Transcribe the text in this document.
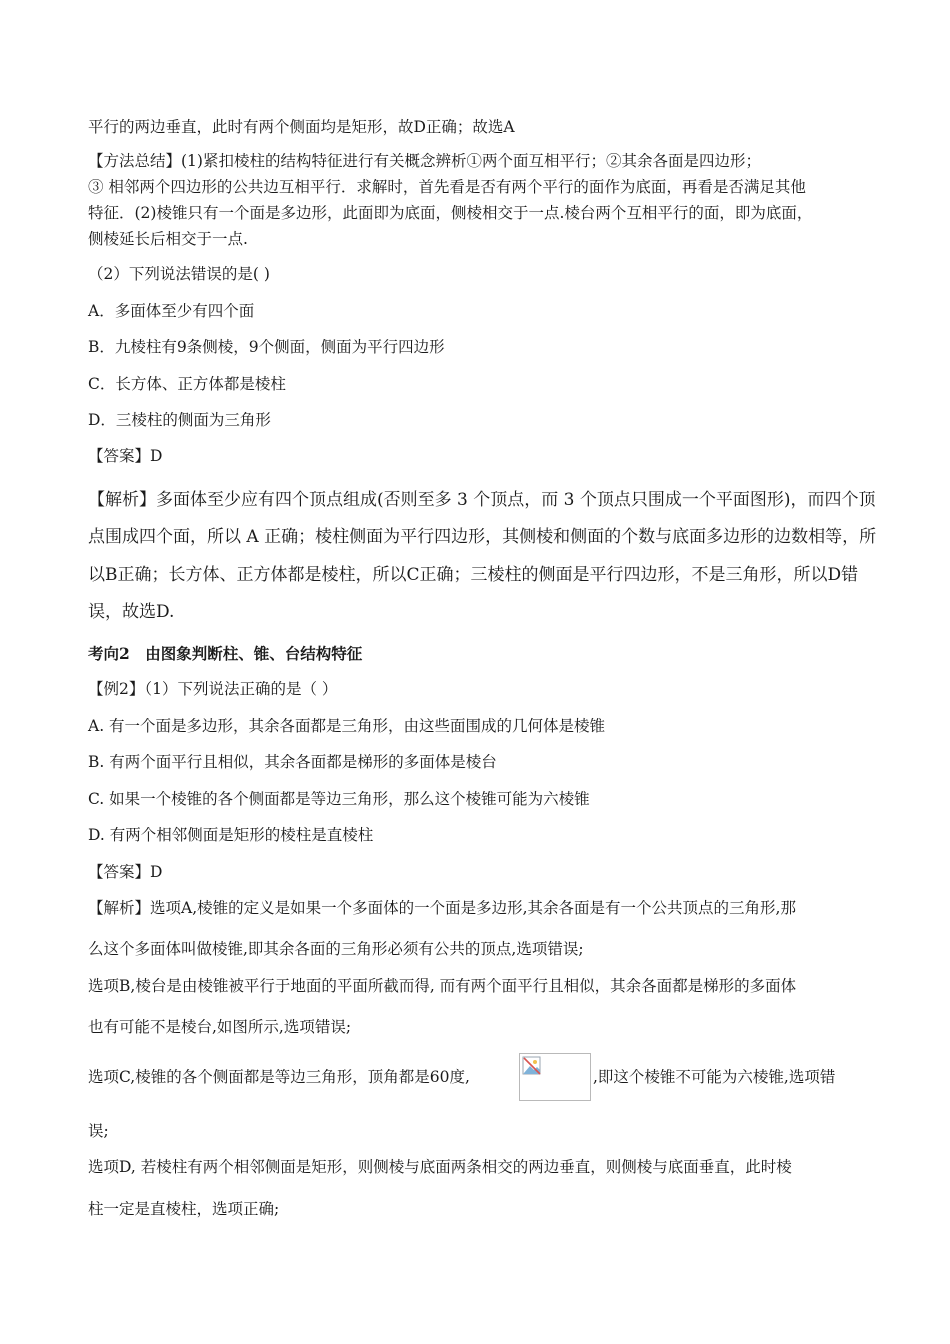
平行的两边垂直，此时有两个侧面均是矩形，故D正确；故选A
【方法总结】(1)紧扣棱柱的结构特征进行有关概念辨析①两个面互相平行；②其余各面是四边形；
③ 相邻两个四边形的公共边互相平行．求解时，首先看是否有两个平行的面作为底面，再看是否满足其他
特征．(2)棱锥只有一个面是多边形，此面即为底面，侧棱相交于一点.棱台两个互相平行的面，即为底面，
侧棱延长后相交于一点.
（2）下列说法错误的是( )
A．多面体至少有四个面
B．九棱柱有9条侧棱，9个侧面，侧面为平行四边形
C．长方体、正方体都是棱柱
D．三棱柱的侧面为三角形
【答案】D
【解析】多面体至少应有四个顶点组成(否则至多 3 个顶点，而 3 个顶点只围成一个平面图形)，而四个顶
点围成四个面，所以 A 正确；棱柱侧面为平行四边形，其侧棱和侧面的个数与底面多边形的边数相等，所
以B正确；长方体、正方体都是棱柱，所以C正确；三棱柱的侧面是平行四边形，不是三角形，所以D错
误，故选D.
考向2　由图象判断柱、锥、台结构特征
【例2】（1）下列说法正确的是（ ）
A. 有一个面是多边形，其余各面都是三角形，由这些面围成的几何体是棱锥
B. 有两个面平行且相似，其余各面都是梯形的多面体是棱台
C. 如果一个棱锥的各个侧面都是等边三角形，那么这个棱锥可能为六棱锥
D. 有两个相邻侧面是矩形的棱柱是直棱柱
【答案】D
【解析】选项A,棱锥的定义是如果一个多面体的一个面是多边形,其余各面是有一个公共顶点的三角形,那
么这个多面体叫做棱锥,即其余各面的三角形必须有公共的顶点,选项错误;
选项B,棱台是由棱锥被平行于地面的平面所截而得, 而有两个面平行且相似，其余各面都是梯形的多面体
也有可能不是棱台,如图所示,选项错误;
选项C,棱锥的各个侧面都是等边三角形，顶角都是60度,	,即这个棱锥不可能为六棱锥,选项错
误;
选项D, 若棱柱有两个相邻侧面是矩形，则侧棱与底面两条相交的两边垂直，则侧棱与底面垂直，此时棱
柱一定是直棱柱，选项正确;
